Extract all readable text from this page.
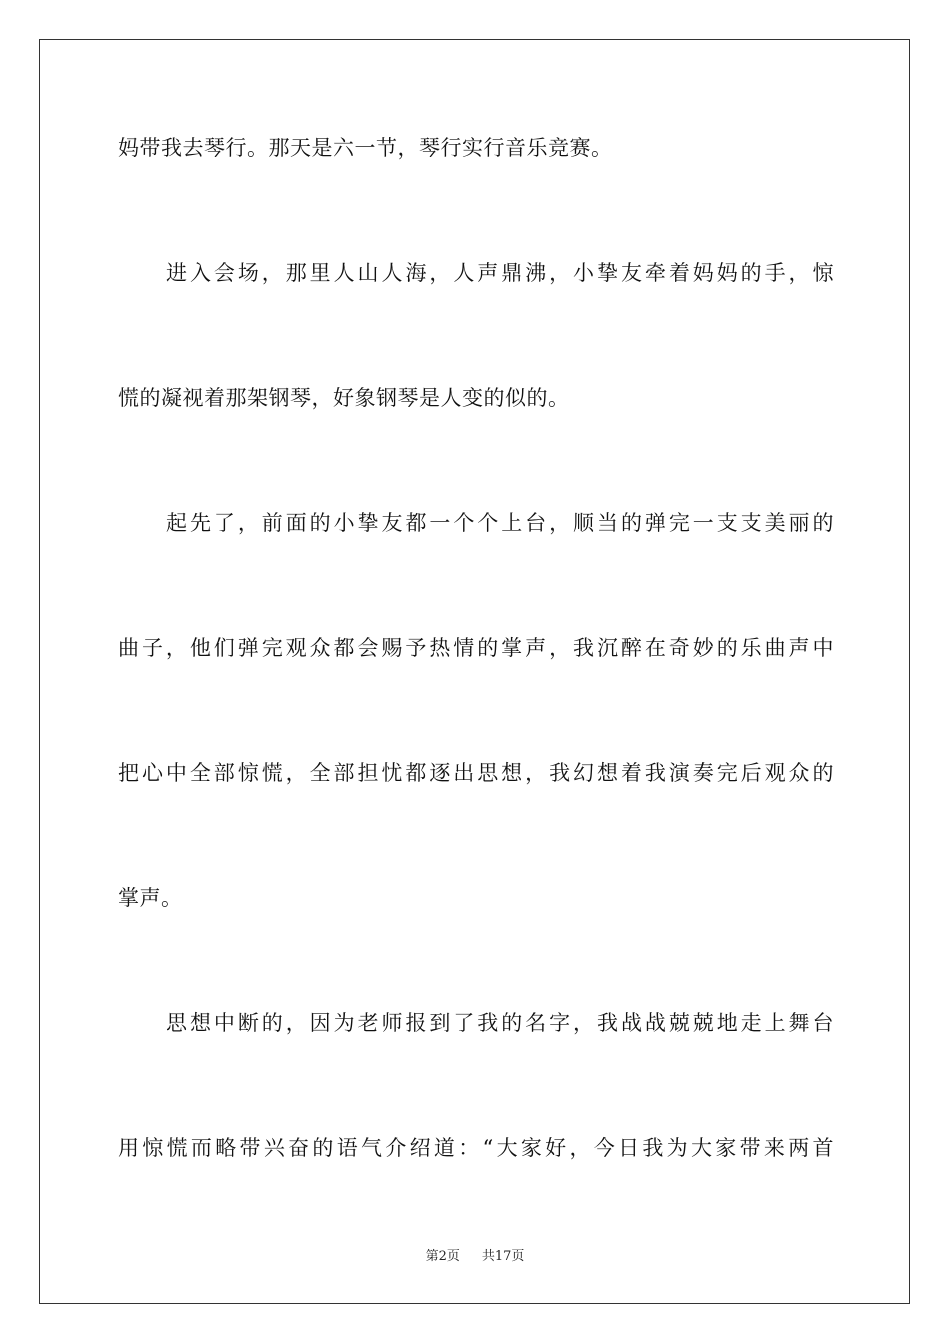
妈带我去琴行。那天是六一节，琴行实行音乐竞赛。
进入会场，那里人山人海，人声鼎沸，小挚友牵着妈妈的手，惊
慌的凝视着那架钢琴，好象钢琴是人变的似的。
起先了，前面的小挚友都一个个上台，顺当的弹完一支支美丽的
曲子，他们弹完观众都会赐予热情的掌声，我沉醉在奇妙的乐曲声中
把心中全部惊慌，全部担忧都逐出思想，我幻想着我演奏完后观众的
掌声。
思想中断的，因为老师报到了我的名字，我战战兢兢地走上舞台
用惊慌而略带兴奋的语气介绍道：“大家好，今日我为大家带来两首
第2页 共17页
